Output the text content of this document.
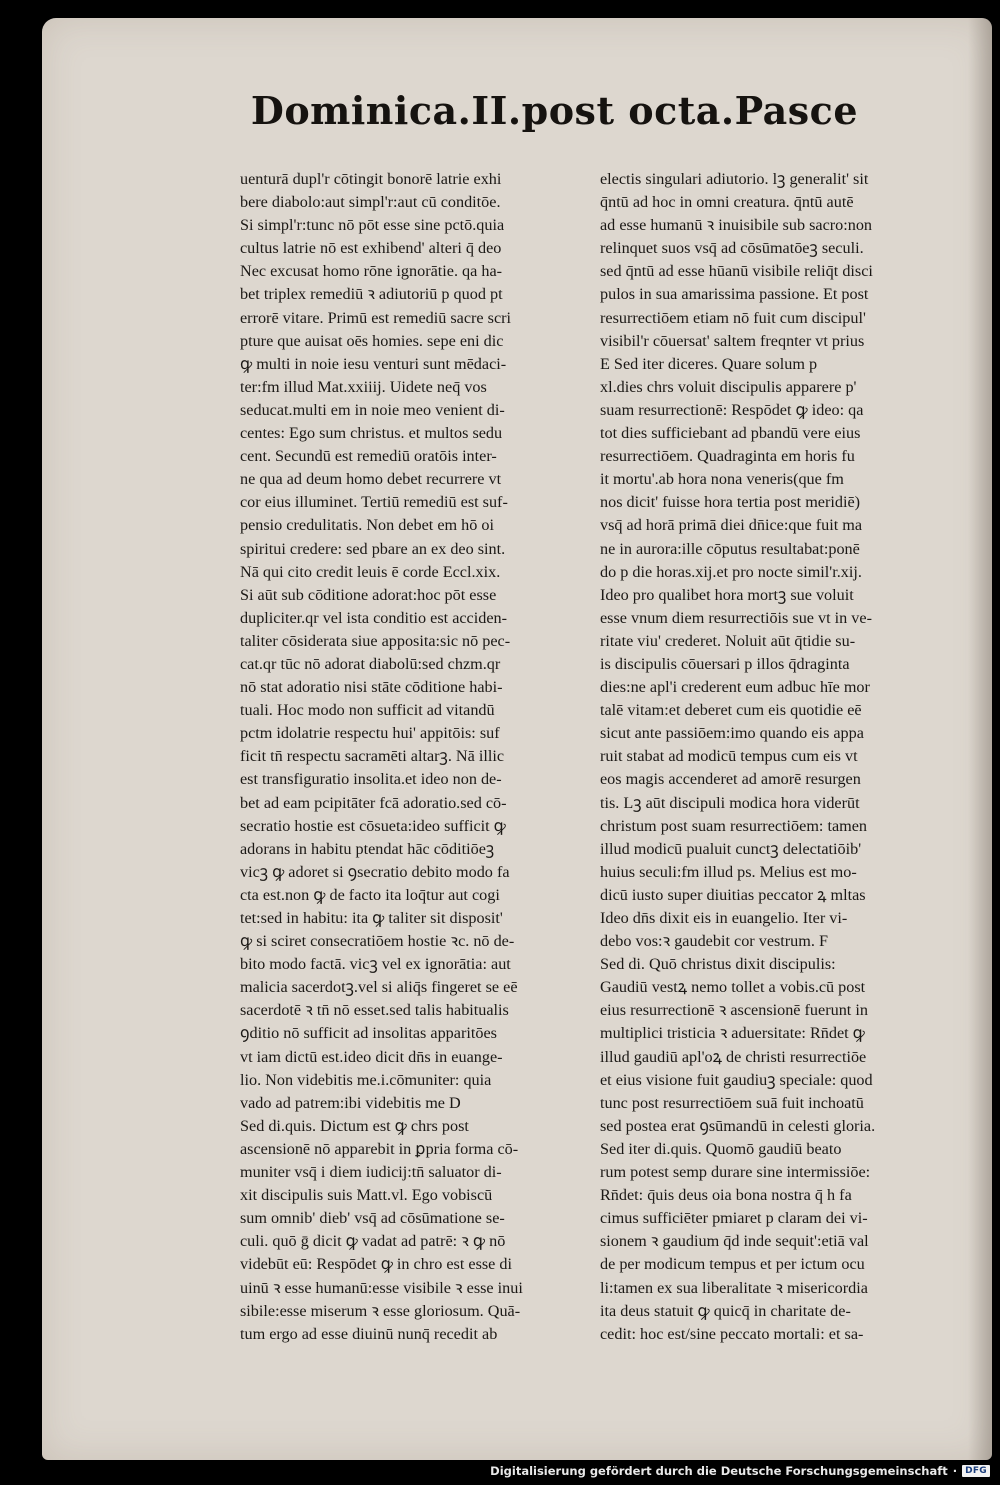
Dominica.II.post octa.Pasce
uenturā dupl'r cōtingit bonorē latrie exhi
bere diabolo:aut simpl'r:aut cū conditōe.
Si simpl'r:tunc nō pōt esse sine pctō.quia
cultus latrie nō est exhibend' alteri q̄ deo
Nec excusat homo rōne ignorātie. qa ha-
bet triplex remediū ꝛ adiutoriū p quod pt
errorē vitare. Primū est remediū sacre scri
pture que auisat oēs homies. sepe eni dic
ꝙ multi in noie iesu venturi sunt mēdaci-
ter:fm illud Mat.xxiiij. Uidete neq̄ vos
seducat.multi em in noie meo venient di-
centes: Ego sum christus. et multos sedu
cent. Secundū est remediū oratōis inter-
ne qua ad deum homo debet recurrere vt
cor eius illuminet. Tertiū remediū est suf-
pensio credulitatis. Non debet em hō oi
spiritui credere: sed pbare an ex deo sint.
Nā qui cito credit leuis ē corde Eccl.xix.
Si aūt sub cōditione adorat:hoc pōt esse
dupliciter.qr vel ista conditio est acciden-
taliter cōsiderata siue apposita:sic nō pec-
cat.qr tūc nō adorat diabolū:sed chzm.qr
nō stat adoratio nisi stāte cōditione habi-
tuali. Hoc modo non sufficit ad vitandū
pctm idolatrie respectu hui' appitōis: suf
ficit tn̄ respectu sacramēti altarꝫ. Nā illic
est transfiguratio insolita.et ideo non de-
bet ad eam pcipitāter fcā adoratio.sed cō-
secratio hostie est cōsueta:ideo sufficit ꝙ
adorans in habitu ptendat hāc cōditiōeꝫ
vicꝫ ꝙ adoret si ꝯsecratio debito modo fa
cta est.non ꝙ de facto ita loq̄tur aut cogi
tet:sed in habitu: ita ꝙ taliter sit disposit'
ꝙ si sciret consecratiōem hostie ꝛc. nō de-
bito modo factā. vicꝫ vel ex ignorātia: aut
malicia sacerdotꝫ.vel si aliq̄s fingeret se eē
sacerdotē ꝛ tn̄ nō esset.sed talis habitualis
ꝯditio nō sufficit ad insolitas apparitōes
vt iam dictū est.ideo dicit dn̄s in euange-
lio. Non videbitis me.i.cōmuniter: quia
vado ad patrem:ibi videbitis me D
Sed di.quis. Dictum est ꝙ chrs post
ascensionē nō apparebit in ꝑpria forma cō-
muniter vsq̄ i diem iudicij:tn̄ saluator di-
xit discipulis suis Matt.vl. Ego vobiscū
sum omnib' dieb' vsq̄ ad cōsūmatione se-
culi. quō ḡ dicit ꝙ vadat ad patrē: ꝛ ꝙ nō
videbūt eū: Respōdet ꝙ in chro est esse di
uinū ꝛ esse humanū:esse visibile ꝛ esse inui
sibile:esse miserum ꝛ esse gloriosum. Quā-
tum ergo ad esse diuinū nunq̄ recedit ab
electis singulari adiutorio. lꝫ generalit' sit
q̄ntū ad hoc in omni creatura. q̄ntū autē
ad esse humanū ꝛ inuisibile sub sacro:non
relinquet suos vsq̄ ad cōsūmatōeꝫ seculi.
sed q̄ntū ad esse hūanū visibile reliq̄t disci
pulos in sua amarissima passione. Et post
resurrectiōem etiam nō fuit cum discipul'
visibil'r cōuersat' saltem freqnter vt prius
E Sed iter diceres. Quare solum p
xl.dies chrs voluit discipulis apparere p'
suam resurrectionē: Respōdet ꝙ ideo: qa
tot dies sufficiebant ad pbandū vere eius
resurrectiōem. Quadraginta em horis fu
it mortu'.ab hora nona veneris(que fm
nos dicit' fuisse hora tertia post meridiē)
vsq̄ ad horā primā diei dn̄ice:que fuit ma
ne in aurora:ille cōputus resultabat:ponē
do p die horas.xij.et pro nocte simil'r.xij.
Ideo pro qualibet hora mortꝫ sue voluit
esse vnum diem resurrectiōis sue vt in ve-
ritate viu' crederet. Noluit aūt q̄tidie su-
is discipulis cōuersari p illos q̄draginta
dies:ne apl'i crederent eum adbuc hīe mor
talē vitam:et deberet cum eis quotidie eē
sicut ante passiōem:imo quando eis appa
ruit stabat ad modicū tempus cum eis vt
eos magis accenderet ad amorē resurgen
tis. Lꝫ aūt discipuli modica hora viderūt
christum post suam resurrectiōem: tamen
illud modicū pualuit cunctꝫ delectatiōib'
huius seculi:fm illud ps. Melius est mo-
dicū iusto super diuitias peccator ꝝ mltas
Ideo dn̄s dixit eis in euangelio. Iter vi-
debo vos:ꝛ gaudebit cor vestrum. F
Sed di. Quō christus dixit discipulis:
Gaudiū vestꝝ nemo tollet a vobis.cū post
eius resurrectionē ꝛ ascensionē fuerunt in
multiplici tristicia ꝛ aduersitate: Rn̄det ꝙ
illud gaudiū apl'oꝝ de christi resurrectiōe
et eius visione fuit gaudiuꝫ speciale: quod
tunc post resurrectiōem suā fuit inchoatū
sed postea erat ꝯsūmandū in celesti gloria.
Sed iter di.quis. Quomō gaudiū beato
rum potest semp durare sine intermissiōe:
Rn̄det: q̄uis deus oia bona nostra q̄ h fa
cimus sufficiēter pmiaret p claram dei vi-
sionem ꝛ gaudium q̄d inde sequit':etiā val
de per modicum tempus et per ictum ocu
li:tamen ex sua liberalitate ꝛ misericordia
ita deus statuit ꝙ quicq̄ in charitate de-
cedit: hoc est/sine peccato mortali: et sa-
Digitalisierung gefördert durch die Deutsche Forschungsgemeinschaft · DFG
